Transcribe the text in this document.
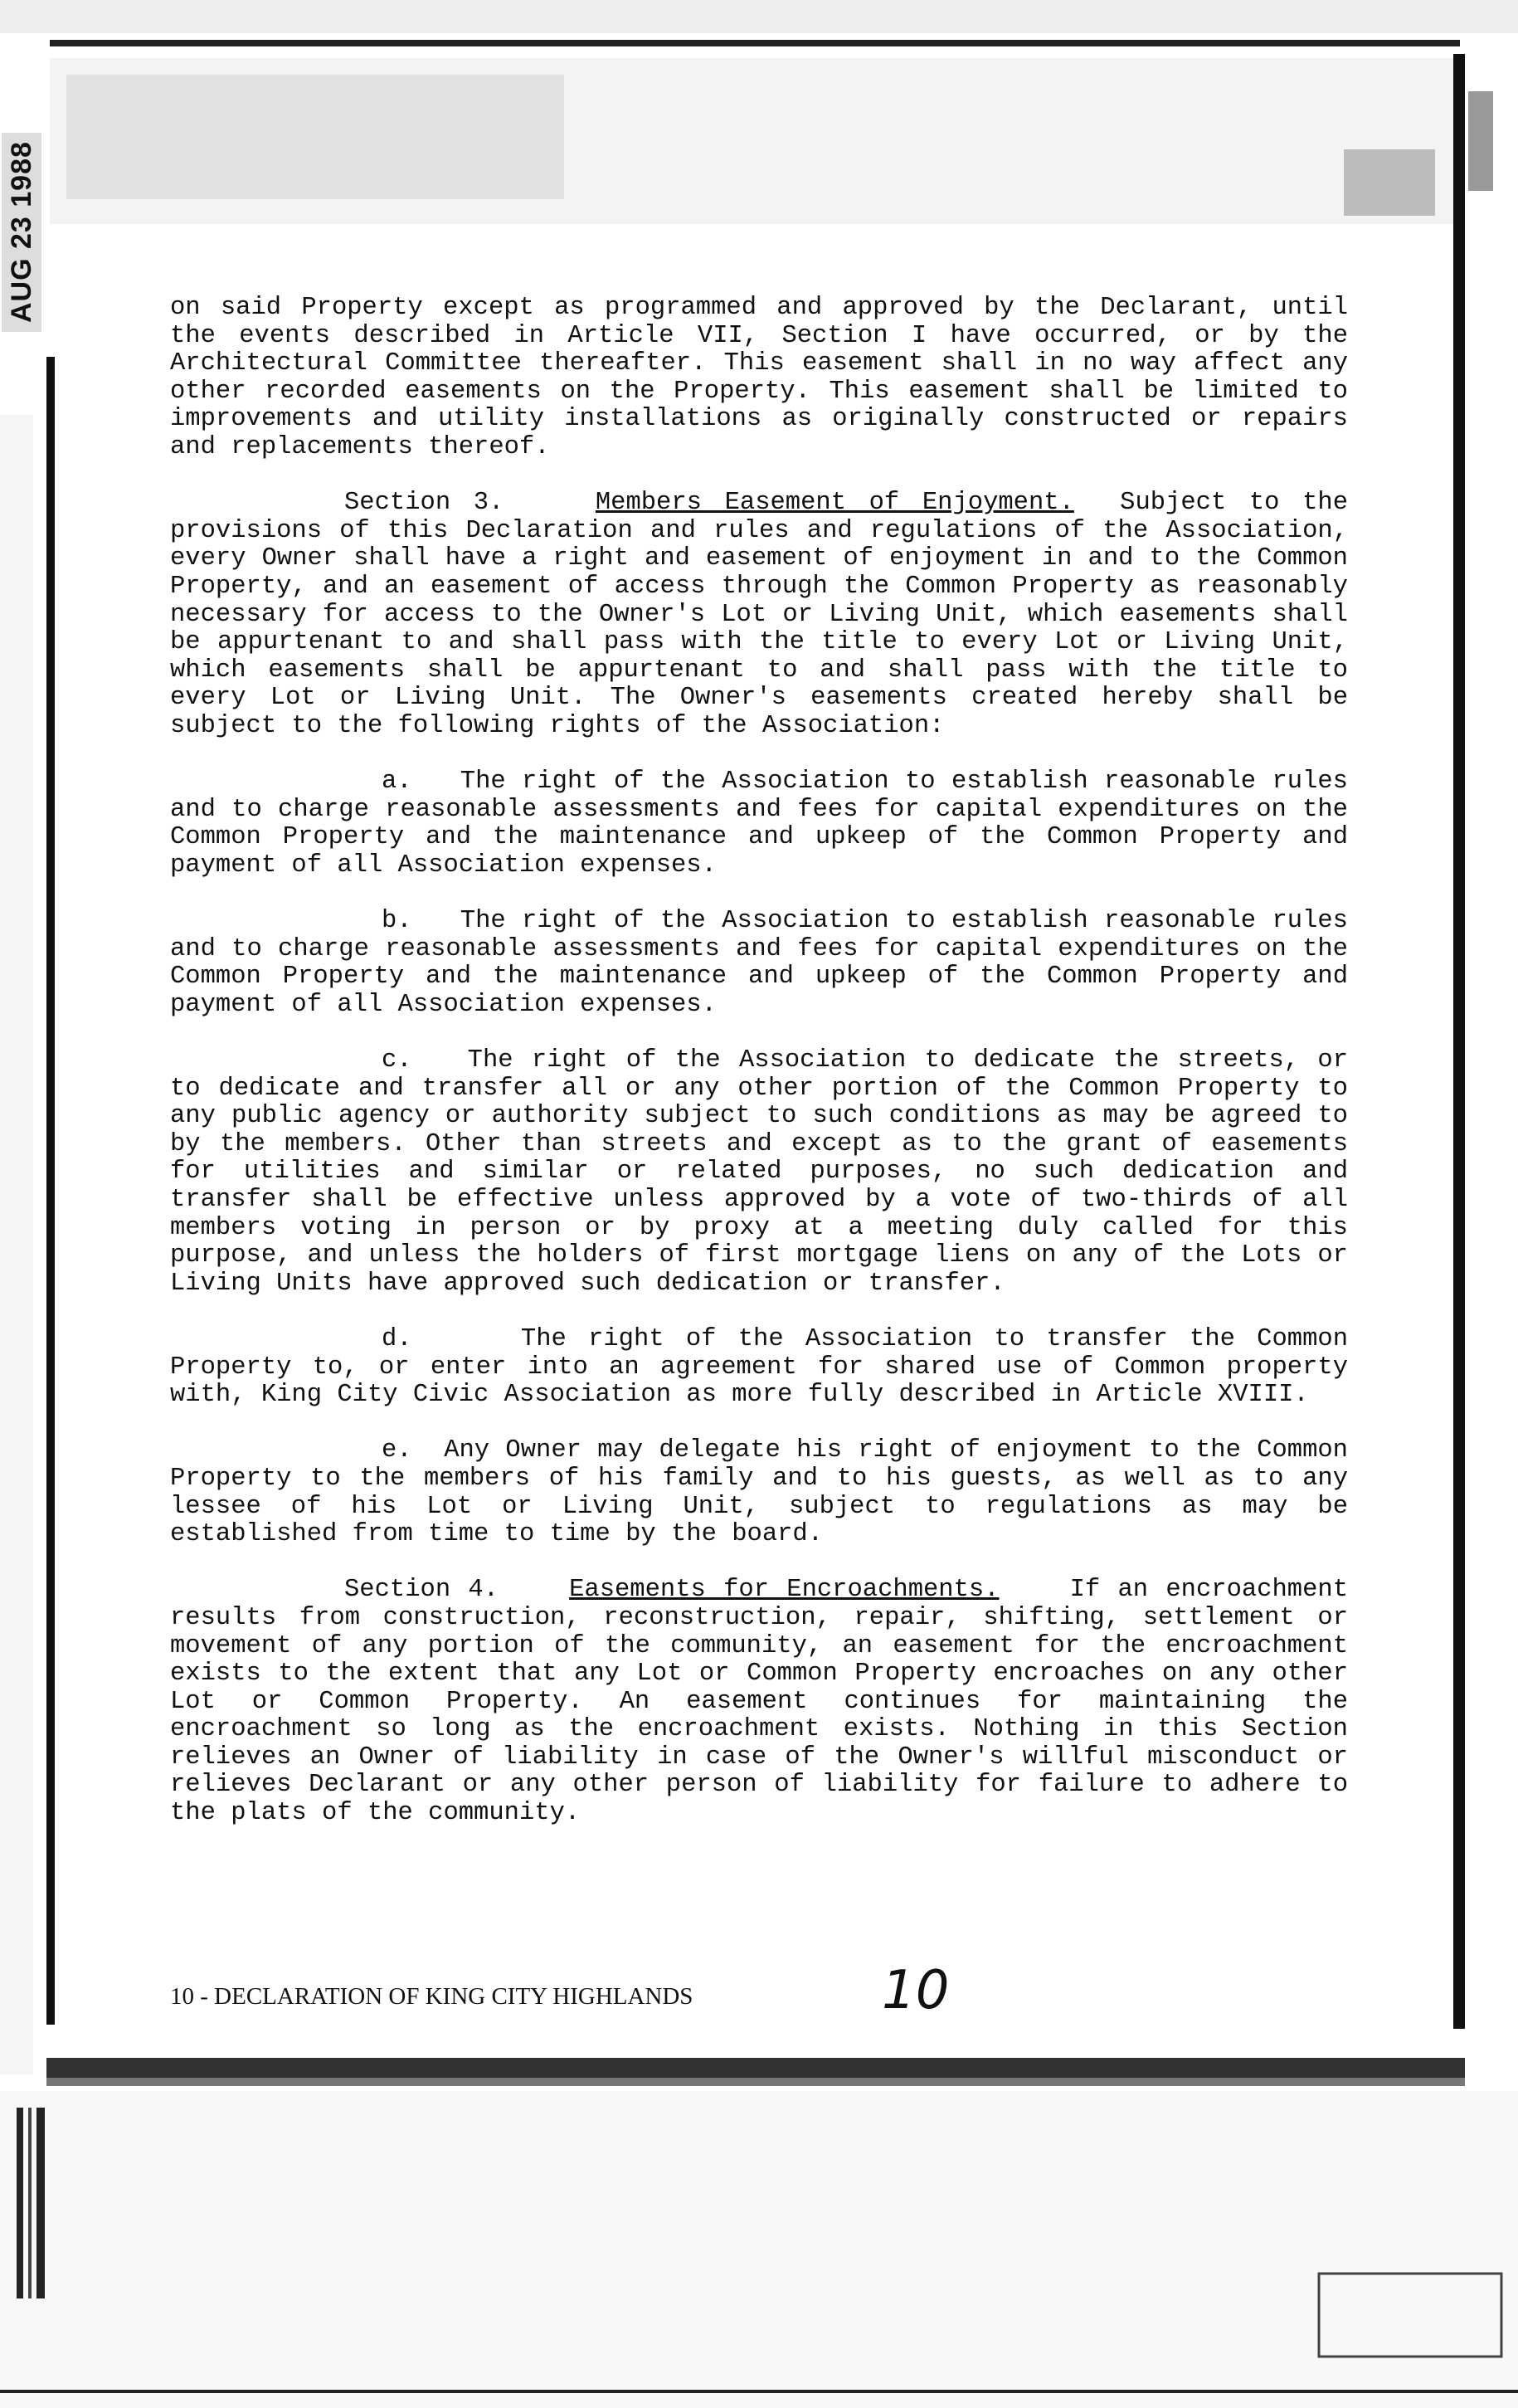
AUG 23 1988	on said Property except as programmed and approved by the Declarant, until the events described in Article VII, Section I have occurred, or by the Architectural Committee thereafter. This easement shall in no way affect any other recorded easements on the Property. This easement shall be limited to improvements and utility installations as originally constructed or repairs and replacements thereof.

Section 3.	Members Easement of Enjoyment. Subject to the provisions of this Declaration and rules and regulations of the Association, every Owner shall have a right and easement of enjoyment in and to the Common Property, and an easement of access through the Common Property as reasonably necessary for access to the Owner's Lot or Living Unit, which easements shall be appurtenant to and shall pass with the title to every Lot or Living Unit, which easements shall be appurtenant to and shall pass with the title to every Lot or Living Unit. The Owner's easements created hereby shall be subject to the following rights of the Association:

a. The right of the Association to establish reasonable rules and to charge reasonable assessments and fees for capital expenditures on the Common Property and the maintenance and upkeep of the Common Property and payment of all Association expenses.

b. The right of the Association to establish reasonable rules and to charge reasonable assessments and fees for capital expenditures on the Common Property and the maintenance and upkeep of the Common Property and payment of all Association expenses.

c. The right of the Association to dedicate the streets, or to dedicate and transfer all or any other portion of the Common Property to any public agency or authority subject to such conditions as may be agreed to by the members. Other than streets and except as to the grant of easements for utilities and similar or related purposes, no such dedication and transfer shall be effective unless approved by a vote of two-thirds of all members voting in person or by proxy at a meeting duly called for this purpose, and unless the holders of first mortgage liens on any of the Lots or Living Units have approved such dedication or transfer.

d.	The right of the Association to transfer the Common Property to, or enter into an agreement for shared use of Common property with, King City Civic Association as more fully described in Article XVIII.

e. Any Owner may delegate his right of enjoyment to the Common Property to the members of his family and to his guests, as well as to any lessee of his Lot or Living Unit, subject to regulations as may be established from time to time by the board.

Section 4.	Easements for Encroachments.	If an encroachment results from construction, reconstruction, repair, shifting, settlement or movement of any portion of the community, an easement for the encroachment exists to the extent that any Lot or Common Property encroaches on any other Lot or Common Property. An easement continues for maintaining the encroachment so long as the encroachment exists. Nothing in this Section relieves an Owner of liability in case of the Owner's willful misconduct or relieves Declarant or any other person of liability for failure to adhere to the plats of the community.

10 - DECLARATION OF KING CITY HIGHLANDS	10
